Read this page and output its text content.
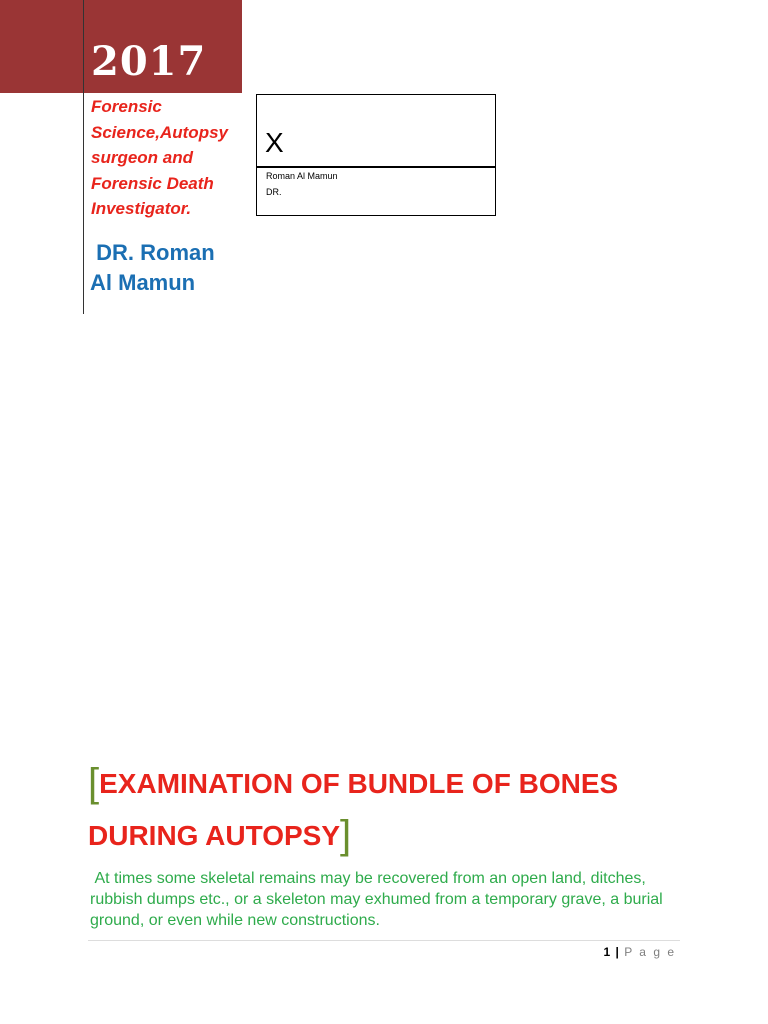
2017
Forensic
Science,Autopsy
surgeon and
Forensic Death
Investigator.
DR. Roman
Al Mamun
X
Roman Al Mamun
DR.
[EXAMINATION OF BUNDLE OF BONES
DURING AUTOPSY]
At times some skeletal remains may be recovered from an open land, ditches, rubbish dumps etc., or a skeleton may exhumed from a temporary grave, a burial ground, or even while new constructions.
1 | P a g e
